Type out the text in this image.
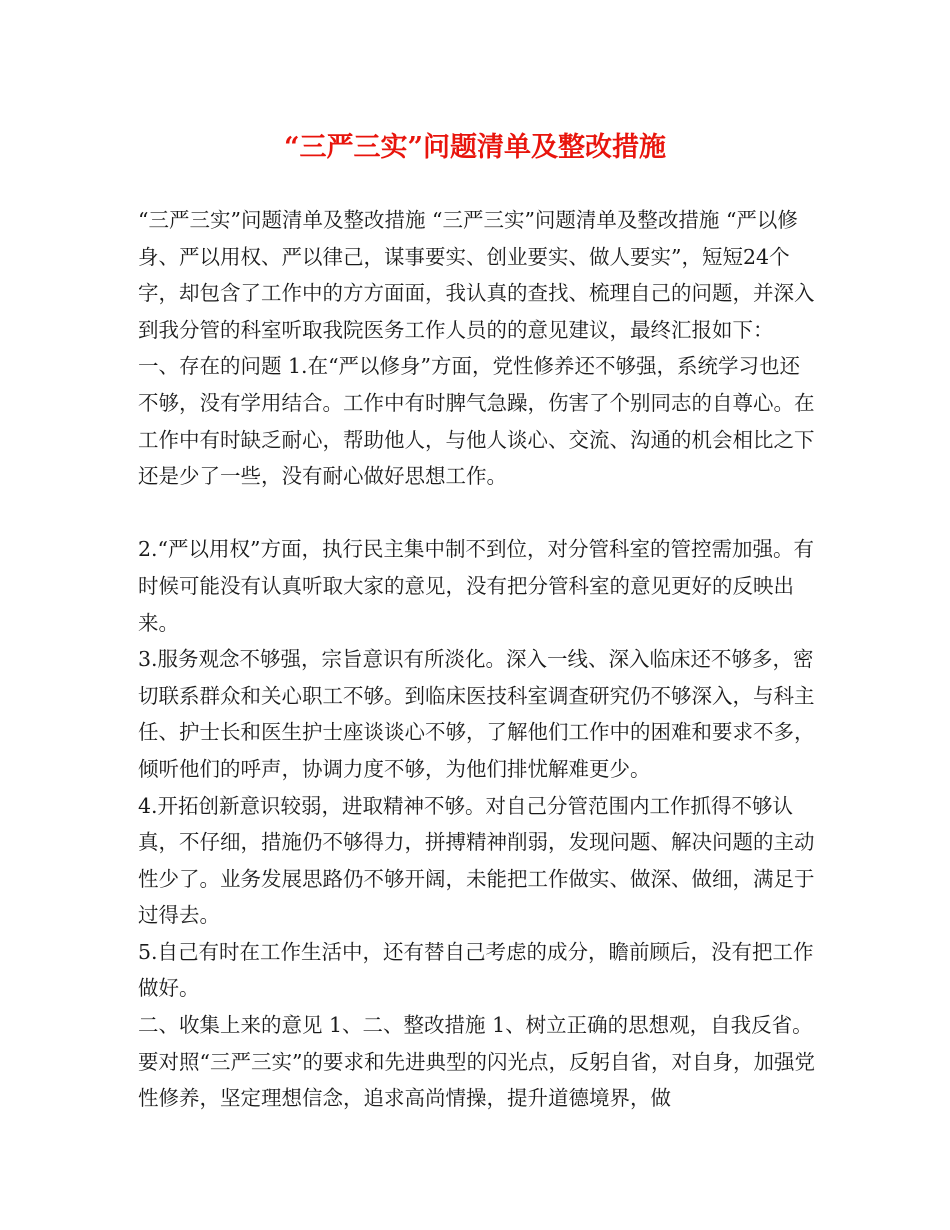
“三严三实”问题清单及整改措施

“三严三实”问题清单及整改措施 “三严三实”问题清单及整改措施 “严以修身、严以用权、严以律己，谋事要实、创业要实、做人要实”，短短24个字，却包含了工作中的方方面面，我认真的查找、梳理自己的问题，并深入到我分管的科室听取我院医务工作人员的的意见建议，最终汇报如下： 一、存在的问题 1.在“严以修身”方面，党性修养还不够强，系统学习也还不够，没有学用结合。工作中有时脾气急躁，伤害了个别同志的自尊心。在工作中有时缺乏耐心，帮助他人，与他人谈心、交流、沟通的机会相比之下还是少了一些，没有耐心做好思想工作。

2.“严以用权”方面，执行民主集中制不到位，对分管科室的管控需加强。有时候可能没有认真听取大家的意见，没有把分管科室的意见更好的反映出来。

3.服务观念不够强，宗旨意识有所淡化。深入一线、深入临床还不够多，密切联系群众和关心职工不够。到临床医技科室调查研究仍不够深入，与科主任、护士长和医生护士座谈谈心不够，了解他们工作中的困难和要求不多，倾听他们的呼声，协调力度不够，为他们排忧解难更少。

4.开拓创新意识较弱，进取精神不够。对自己分管范围内工作抓得不够认真，不仔细，措施仍不够得力，拼搏精神削弱，发现问题、解决问题的主动性少了。业务发展思路仍不够开阔，未能把工作做实、做深、做细，满足于过得去。

5.自己有时在工作生活中，还有替自己考虑的成分，瞻前顾后，没有把工作做好。

二、收集上来的意见 1、二、整改措施 1、树立正确的思想观，自我反省。要对照“三严三实”的要求和先进典型的闪光点，反躬自省，对自身，加强党性修养，坚定理想信念，追求高尚情操，提升道德境界，做
